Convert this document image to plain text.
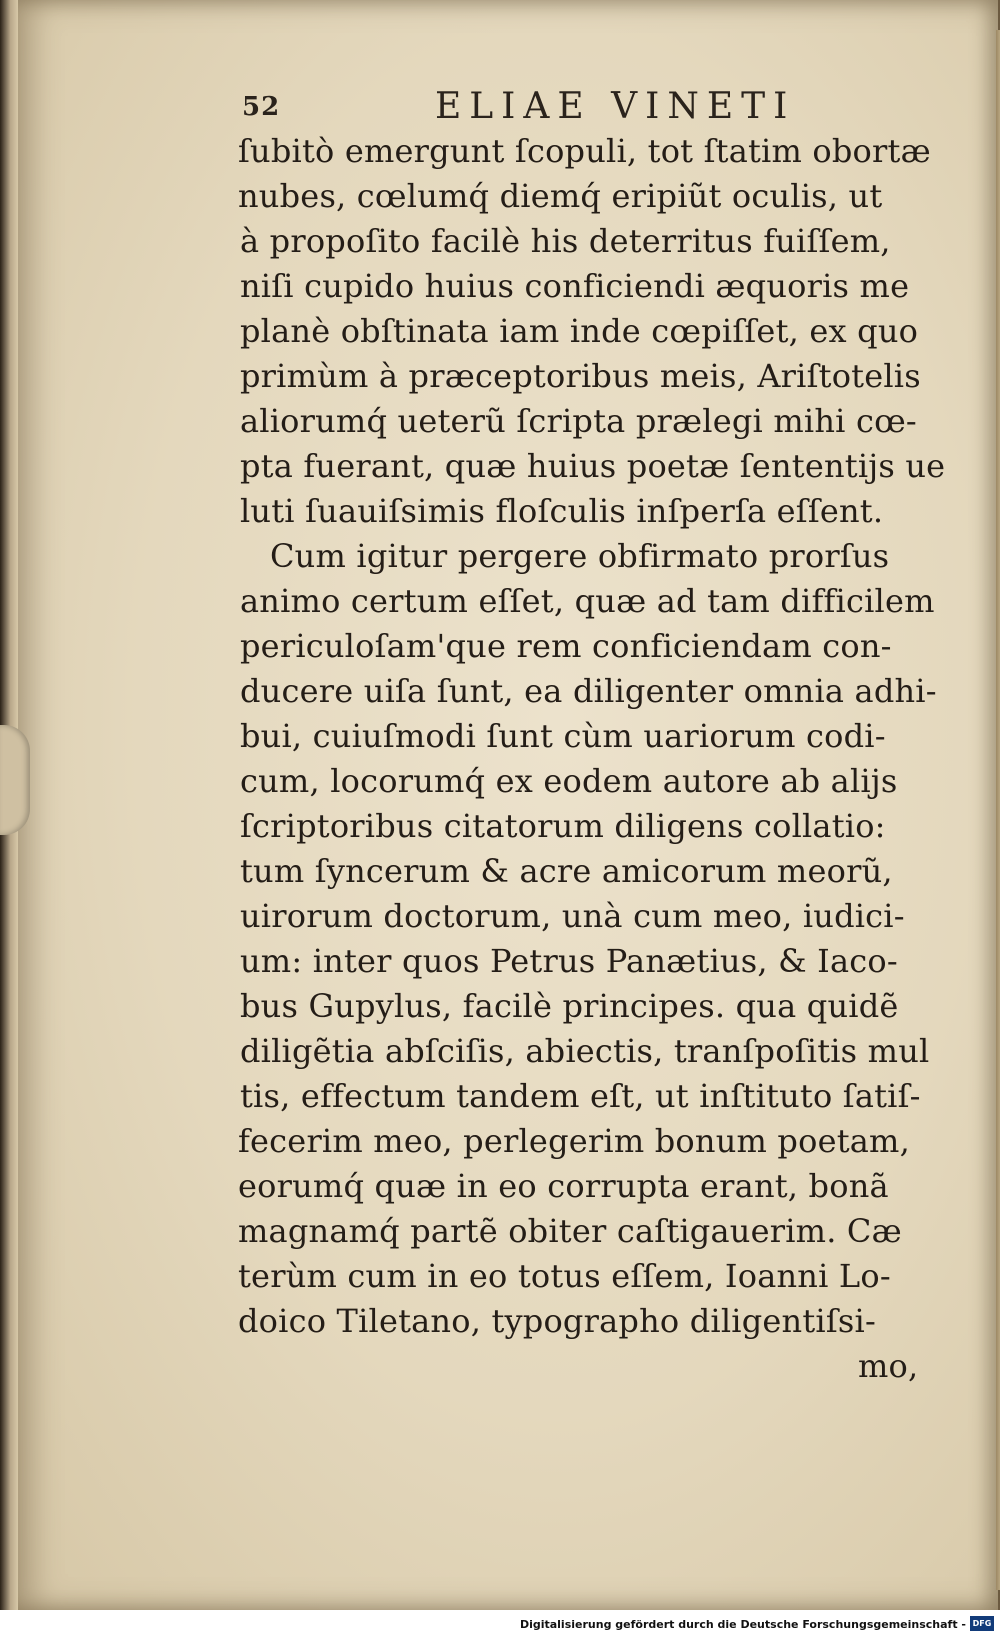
52	ELIAE VINETI
ſubitò emergunt ſcopuli, tot ſtatim obortæ
nubes, cœlumq́ diemq́ eripiũt oculis, ut
à propoſito facilè his deterritus fuiſſem,
niſi cupido huius conficiendi æquoris me
planè obſtinata iam inde cœpiſſet, ex quo
primùm à præceptoribus meis, Ariſtotelis
aliorumq́ ueterũ ſcripta prælegi mihi cœ-
pta fuerant, quæ huius poetæ ſententijs ue
luti ſuauiſsimis floſculis inſperſa eſſent.
Cum igitur pergere obfirmato prorſus
animo certum eſſet, quæ ad tam difficilem
periculoſam'que rem conficiendam con-
ducere uiſa ſunt, ea diligenter omnia adhi-
bui, cuiuſmodi ſunt cùm uariorum codi-
cum, locorumq́ ex eodem autore ab alijs
ſcriptoribus citatorum diligens collatio:
tum ſyncerum & acre amicorum meorũ,
uirorum doctorum, unà cum meo, iudici-
um: inter quos Petrus Panætius, & Iaco-
bus Gupylus, facilè principes. qua quidẽ
diligẽtia abſciſis, abiectis, tranſpoſitis mul
tis, effectum tandem eſt, ut inſtituto ſatiſ-
fecerim meo, perlegerim bonum poetam,
eorumq́ quæ in eo corrupta erant, bonã
magnamq́ partẽ obiter caſtigauerim. Cæ
terùm cum in eo totus eſſem, Ioanni Lo-
doico Tiletano, typographo diligentiſsi-
mo,
Digitalisierung gefördert durch die Deutsche Forschungsgemeinschaft - DFG
